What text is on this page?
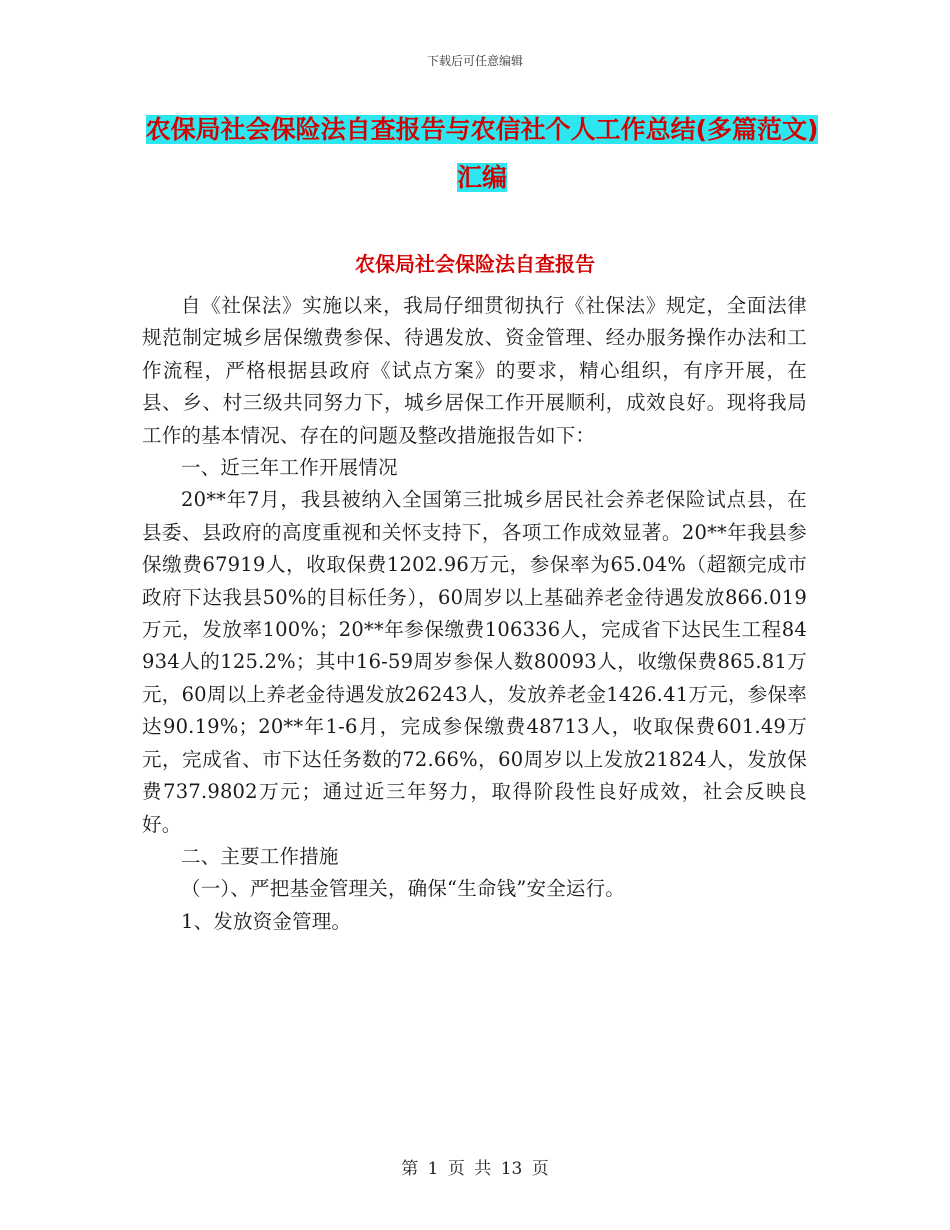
下载后可任意编辑
农保局社会保险法自查报告与农信社个人工作总结(多篇范文)汇编
农保局社会保险法自查报告

自《社保法》实施以来，我局仔细贯彻执行《社保法》规定，全面法律规范制定城乡居保缴费参保、待遇发放、资金管理、经办服务操作办法和工作流程，严格根据县政府《试点方案》的要求，精心组织，有序开展，在县、乡、村三级共同努力下，城乡居保工作开展顺利，成效良好。现将我局工作的基本情况、存在的问题及整改措施报告如下：

一、近三年工作开展情况

20**年7月，我县被纳入全国第三批城乡居民社会养老保险试点县，在县委、县政府的高度重视和关怀支持下，各项工作成效显著。20**年我县参保缴费67919人，收取保费1202.96万元，参保率为65.04%（超额完成市政府下达我县50%的目标任务），60周岁以上基础养老金待遇发放866.019万元，发放率100%；20**年参保缴费106336人，完成省下达民生工程84934人的125.2%；其中16-59周岁参保人数80093人，收缴保费865.81万元，60周以上养老金待遇发放26243人，发放养老金1426.41万元，参保率达90.19%；20**年1-6月，完成参保缴费48713人，收取保费601.49万元，完成省、市下达任务数的72.66%，60周岁以上发放21824人，发放保费737.9802万元；通过近三年努力，取得阶段性良好成效，社会反映良好。

二、主要工作措施

（一）、严把基金管理关，确保“生命钱”安全运行。

1、发放资金管理。

第 1 页 共 13 页
